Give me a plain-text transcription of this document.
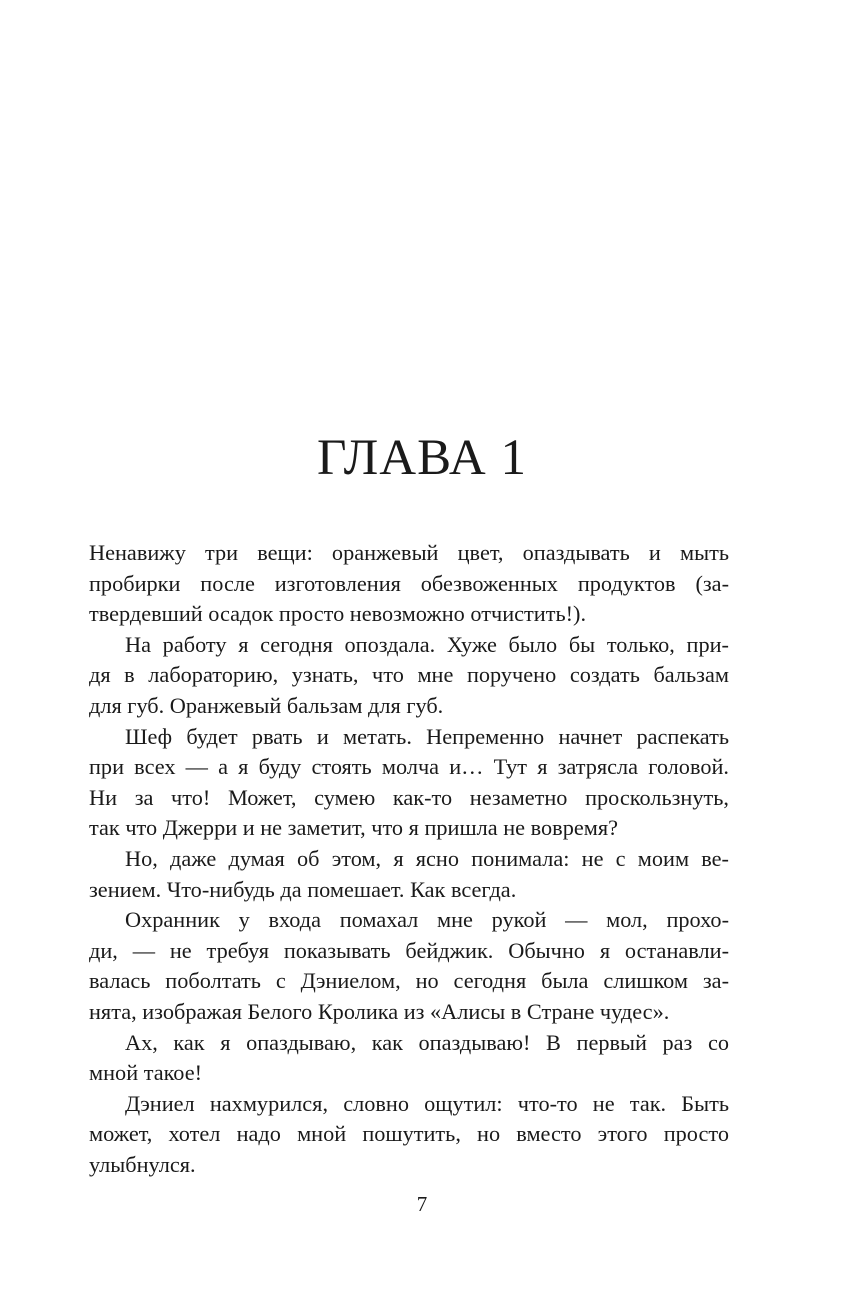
ГЛАВА 1
Ненавижу три вещи: оранжевый цвет, опаздывать и мыть
пробирки после изготовления обезвоженных продуктов (за-
твердевший осадок просто невозможно отчистить!).
На работу я сегодня опоздала. Хуже было бы только, при-
дя в лабораторию, узнать, что мне поручено создать бальзам
для губ. Оранжевый бальзам для губ.
Шеф будет рвать и метать. Непременно начнет распекать
при всех — а я буду стоять молча и… Тут я затрясла головой.
Ни за что! Может, сумею как-то незаметно проскользнуть,
так что Джерри и не заметит, что я пришла не вовремя?
Но, даже думая об этом, я ясно понимала: не с моим ве-
зением. Что-нибудь да помешает. Как всегда.
Охранник у входа помахал мне рукой — мол, прохо-
ди, — не требуя показывать бейджик. Обычно я останавли-
валась поболтать с Дэниелом, но сегодня была слишком за-
нята, изображая Белого Кролика из «Алисы в Стране чудес».
Ах, как я опаздываю, как опаздываю! В первый раз со
мной такое!
Дэниел нахмурился, словно ощутил: что-то не так. Быть
может, хотел надо мной пошутить, но вместо этого просто
улыбнулся.
7
